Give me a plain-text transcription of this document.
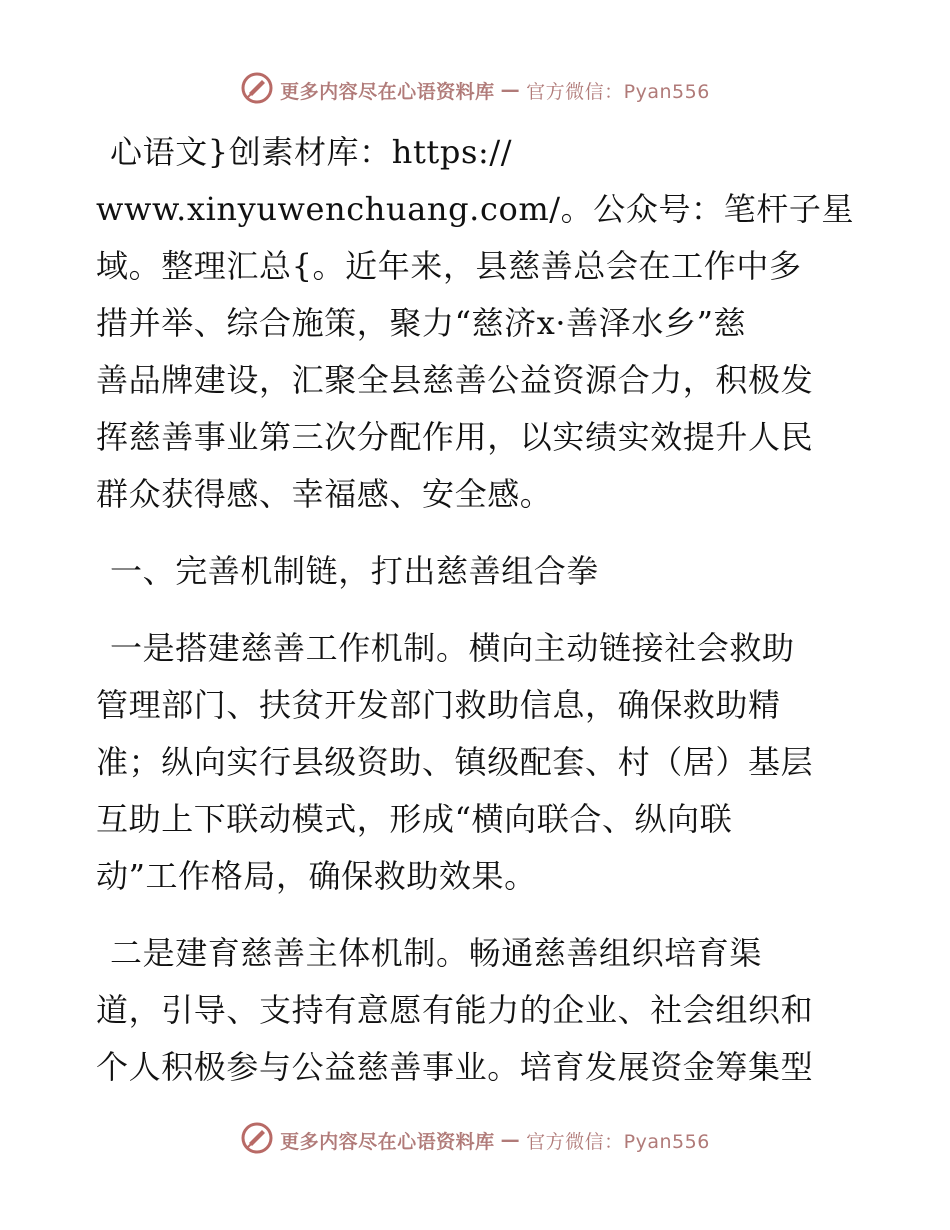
更多内容尽在心语资料库 — 官方微信：Pyan556
心语文}创素材库：https://
www.xinyuwenchuang.com/。公众号：笔杆子星
域。整理汇总{。近年来，县慈善总会在工作中多
措并举、综合施策，聚力“慈济x·善泽水乡”慈
善品牌建设，汇聚全县慈善公益资源合力，积极发
挥慈善事业第三次分配作用，以实绩实效提升人民
群众获得感、幸福感、安全感。
一、完善机制链，打出慈善组合拳
一是搭建慈善工作机制。横向主动链接社会救助
管理部门、扶贫开发部门救助信息，确保救助精
准；纵向实行县级资助、镇级配套、村（居）基层
互助上下联动模式，形成“横向联合、纵向联
动”工作格局，确保救助效果。
二是建育慈善主体机制。畅通慈善组织培育渠
道，引导、支持有意愿有能力的企业、社会组织和
个人积极参与公益慈善事业。培育发展资金筹集型
更多内容尽在心语资料库 — 官方微信：Pyan556
